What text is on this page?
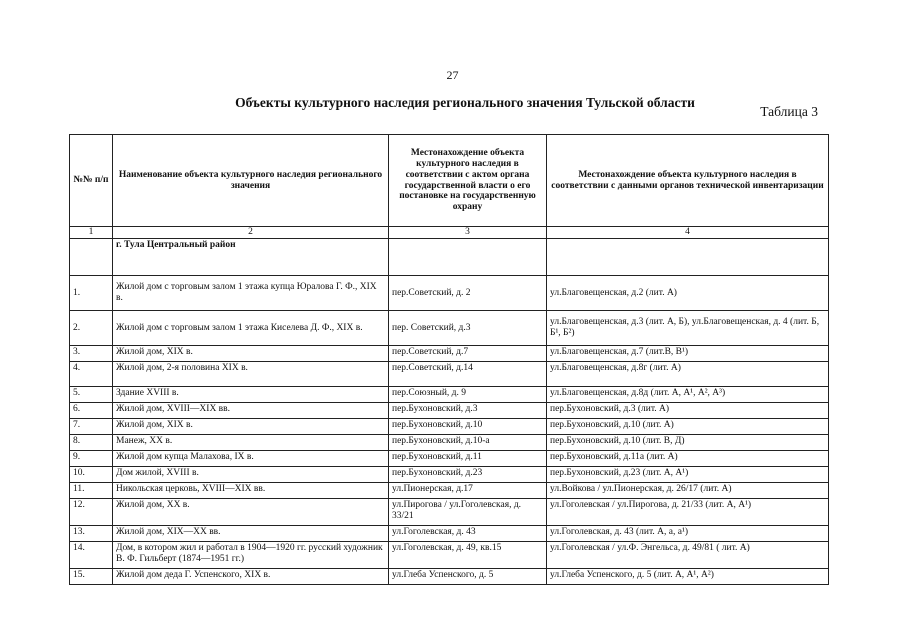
27
Объекты культурного наследия регионального значения Тульской области
Таблица 3
№№ п/п	Наименование объекта культурного наследия регионального значения	Местонахождение объекта культурного наследия в соответствии с актом органа государственной власти о его постановке на государственную охрану	Местонахождение объекта культурного наследия в соответствии с данными органов технической инвентаризации
1	2	3	4
	г. Тула Центральный район		
1.	Жилой дом с торговым залом 1 этажа купца Юралова Г. Ф., XIX в.	пер.Советский, д. 2	ул.Благовещенская, д.2 (лит. А)
2.	Жилой дом с торговым залом 1 этажа Киселева Д. Ф., XIX в.	пер. Советский, д.3	ул.Благовещенская, д.3 (лит. А, Б), ул.Благовещенская, д. 4 (лит. Б, Б¹, Б²)
3.	Жилой дом, XIX в.	пер.Советский, д.7	ул.Благовещенская, д.7 (лит.В, В¹)
4.	Жилой дом, 2-я половина XIX в.	пер.Советский, д.14	ул.Благовещенская, д.8г (лит. А)
5.	Здание XVIII в.	пер.Союзный, д. 9	ул.Благовещенская, д.8д (лит. А, А¹, А², А³)
6.	Жилой дом, XVIII—XIX вв.	пер.Бухоновский, д.3	пер.Бухоновский, д.3 (лит. А)
7.	Жилой дом, XIX в.	пер.Бухоновский, д.10	пер.Бухоновский, д.10 (лит. А)
8.	Манеж, XX в.	пер.Бухоновский, д.10-а	пер.Бухоновский, д.10 (лит. В, Д)
9.	Жилой дом купца Малахова, IX в.	пер.Бухоновский, д.11	пер.Бухоновский, д.11а (лит. А)
10.	Дом жилой, XVIII в.	пер.Бухоновский, д.23	пер.Бухоновский, д.23 (лит. А, А¹)
11.	Никольская церковь, XVIII—XIX вв.	ул.Пионерская, д.17	ул.Войкова / ул.Пионерская, д. 26/17 (лит. А)
12.	Жилой дом, XX в.	ул.Пирогова / ул.Гоголевская, д. 33/21	ул.Гоголевская / ул.Пирогова, д. 21/33 (лит. А, А¹)
13.	Жилой дом, XIX—XX вв.	ул.Гоголевская, д. 43	ул.Гоголевская, д. 43 (лит. А, а, а¹)
14.	Дом, в котором жил и работал в 1904—1920 гг. русский художник В. Ф. Гильберт (1874—1951 гг.)	ул.Гоголевская, д. 49, кв.15	ул.Гоголевская / ул.Ф. Энгельса, д. 49/81 ( лит. А)
15.	Жилой дом деда Г. Успенского, XIX в.	ул.Глеба Успенского, д. 5	ул.Глеба Успенского, д. 5 (лит. А, А¹, А²)
